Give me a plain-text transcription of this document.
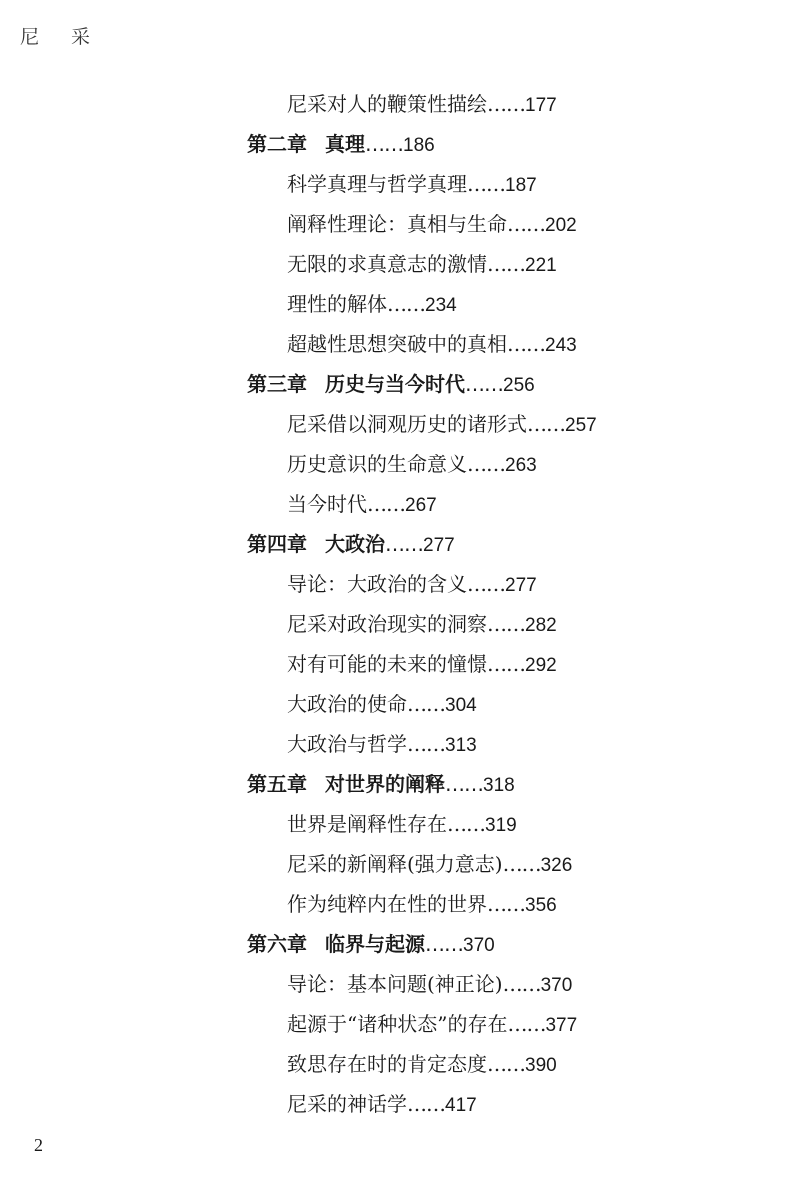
尼 采
尼采对人的鞭策性描绘……177
第二章 真理……186
科学真理与哲学真理……187
阐释性理论：真相与生命……202
无限的求真意志的激情……221
理性的解体……234
超越性思想突破中的真相……243
第三章 历史与当今时代……256
尼采借以洞观历史的诸形式……257
历史意识的生命意义……263
当今时代……267
第四章 大政治……277
导论：大政治的含义……277
尼采对政治现实的洞察……282
对有可能的未来的憧憬……292
大政治的使命……304
大政治与哲学……313
第五章 对世界的阐释……318
世界是阐释性存在……319
尼采的新阐释(强力意志)……326
作为纯粹内在性的世界……356
第六章 临界与起源……370
导论：基本问题(神正论)……370
起源于“诸种状态”的存在……377
致思存在时的肯定态度……390
尼采的神话学……417
2
